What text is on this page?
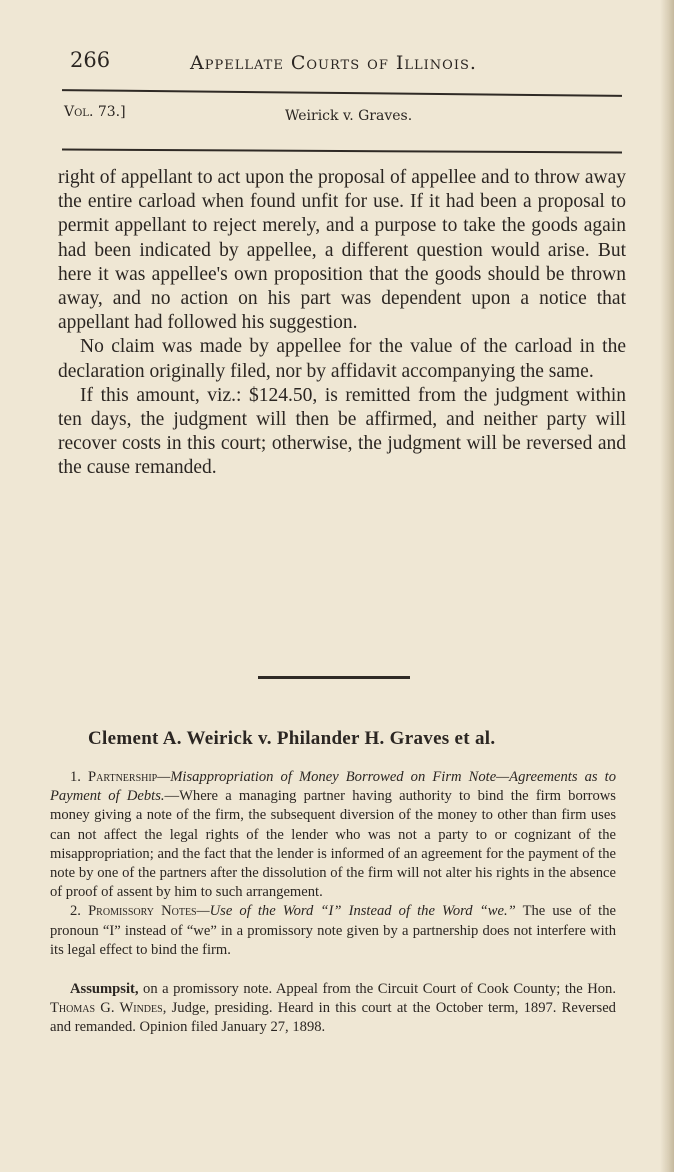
266	Appellate Courts of Illinois.
Vol. 73.]	Weirick v. Graves.

right of appellant to act upon the proposal of appellee and to throw away the entire carload when found unfit for use. If it had been a proposal to permit appellant to reject merely, and a purpose to take the goods again had been indicated by appellee, a different question would arise. But here it was appellee's own proposition that the goods should be thrown away, and no action on his part was dependent upon a notice that appellant had followed his suggestion.

No claim was made by appellee for the value of the carload in the declaration originally filed, nor by affidavit accompanying the same.

If this amount, viz.: $124.50, is remitted from the judgment within ten days, the judgment will then be affirmed, and neither party will recover costs in this court; otherwise, the judgment will be reversed and the cause remanded.

Clement A. Weirick v. Philander H. Graves et al.

1. Partnership—Misappropriation of Money Borrowed on Firm Note—Agreements as to Payment of Debts.—Where a managing partner having authority to bind the firm borrows money giving a note of the firm, the subsequent diversion of the money to other than firm uses can not affect the legal rights of the lender who was not a party to or cognizant of the misappropriation; and the fact that the lender is informed of an agreement for the payment of the note by one of the partners after the dissolution of the firm will not alter his rights in the absence of proof of assent by him to such arrangement.

2. Promissory Notes—Use of the Word “I” Instead of the Word “we.” The use of the pronoun “I” instead of “we” in a promissory note given by a partnership does not interfere with its legal effect to bind the firm.

Assumpsit, on a promissory note. Appeal from the Circuit Court of Cook County; the Hon. Thomas G. Windes, Judge, presiding. Heard in this court at the October term, 1897. Reversed and remanded. Opinion filed January 27, 1898.
